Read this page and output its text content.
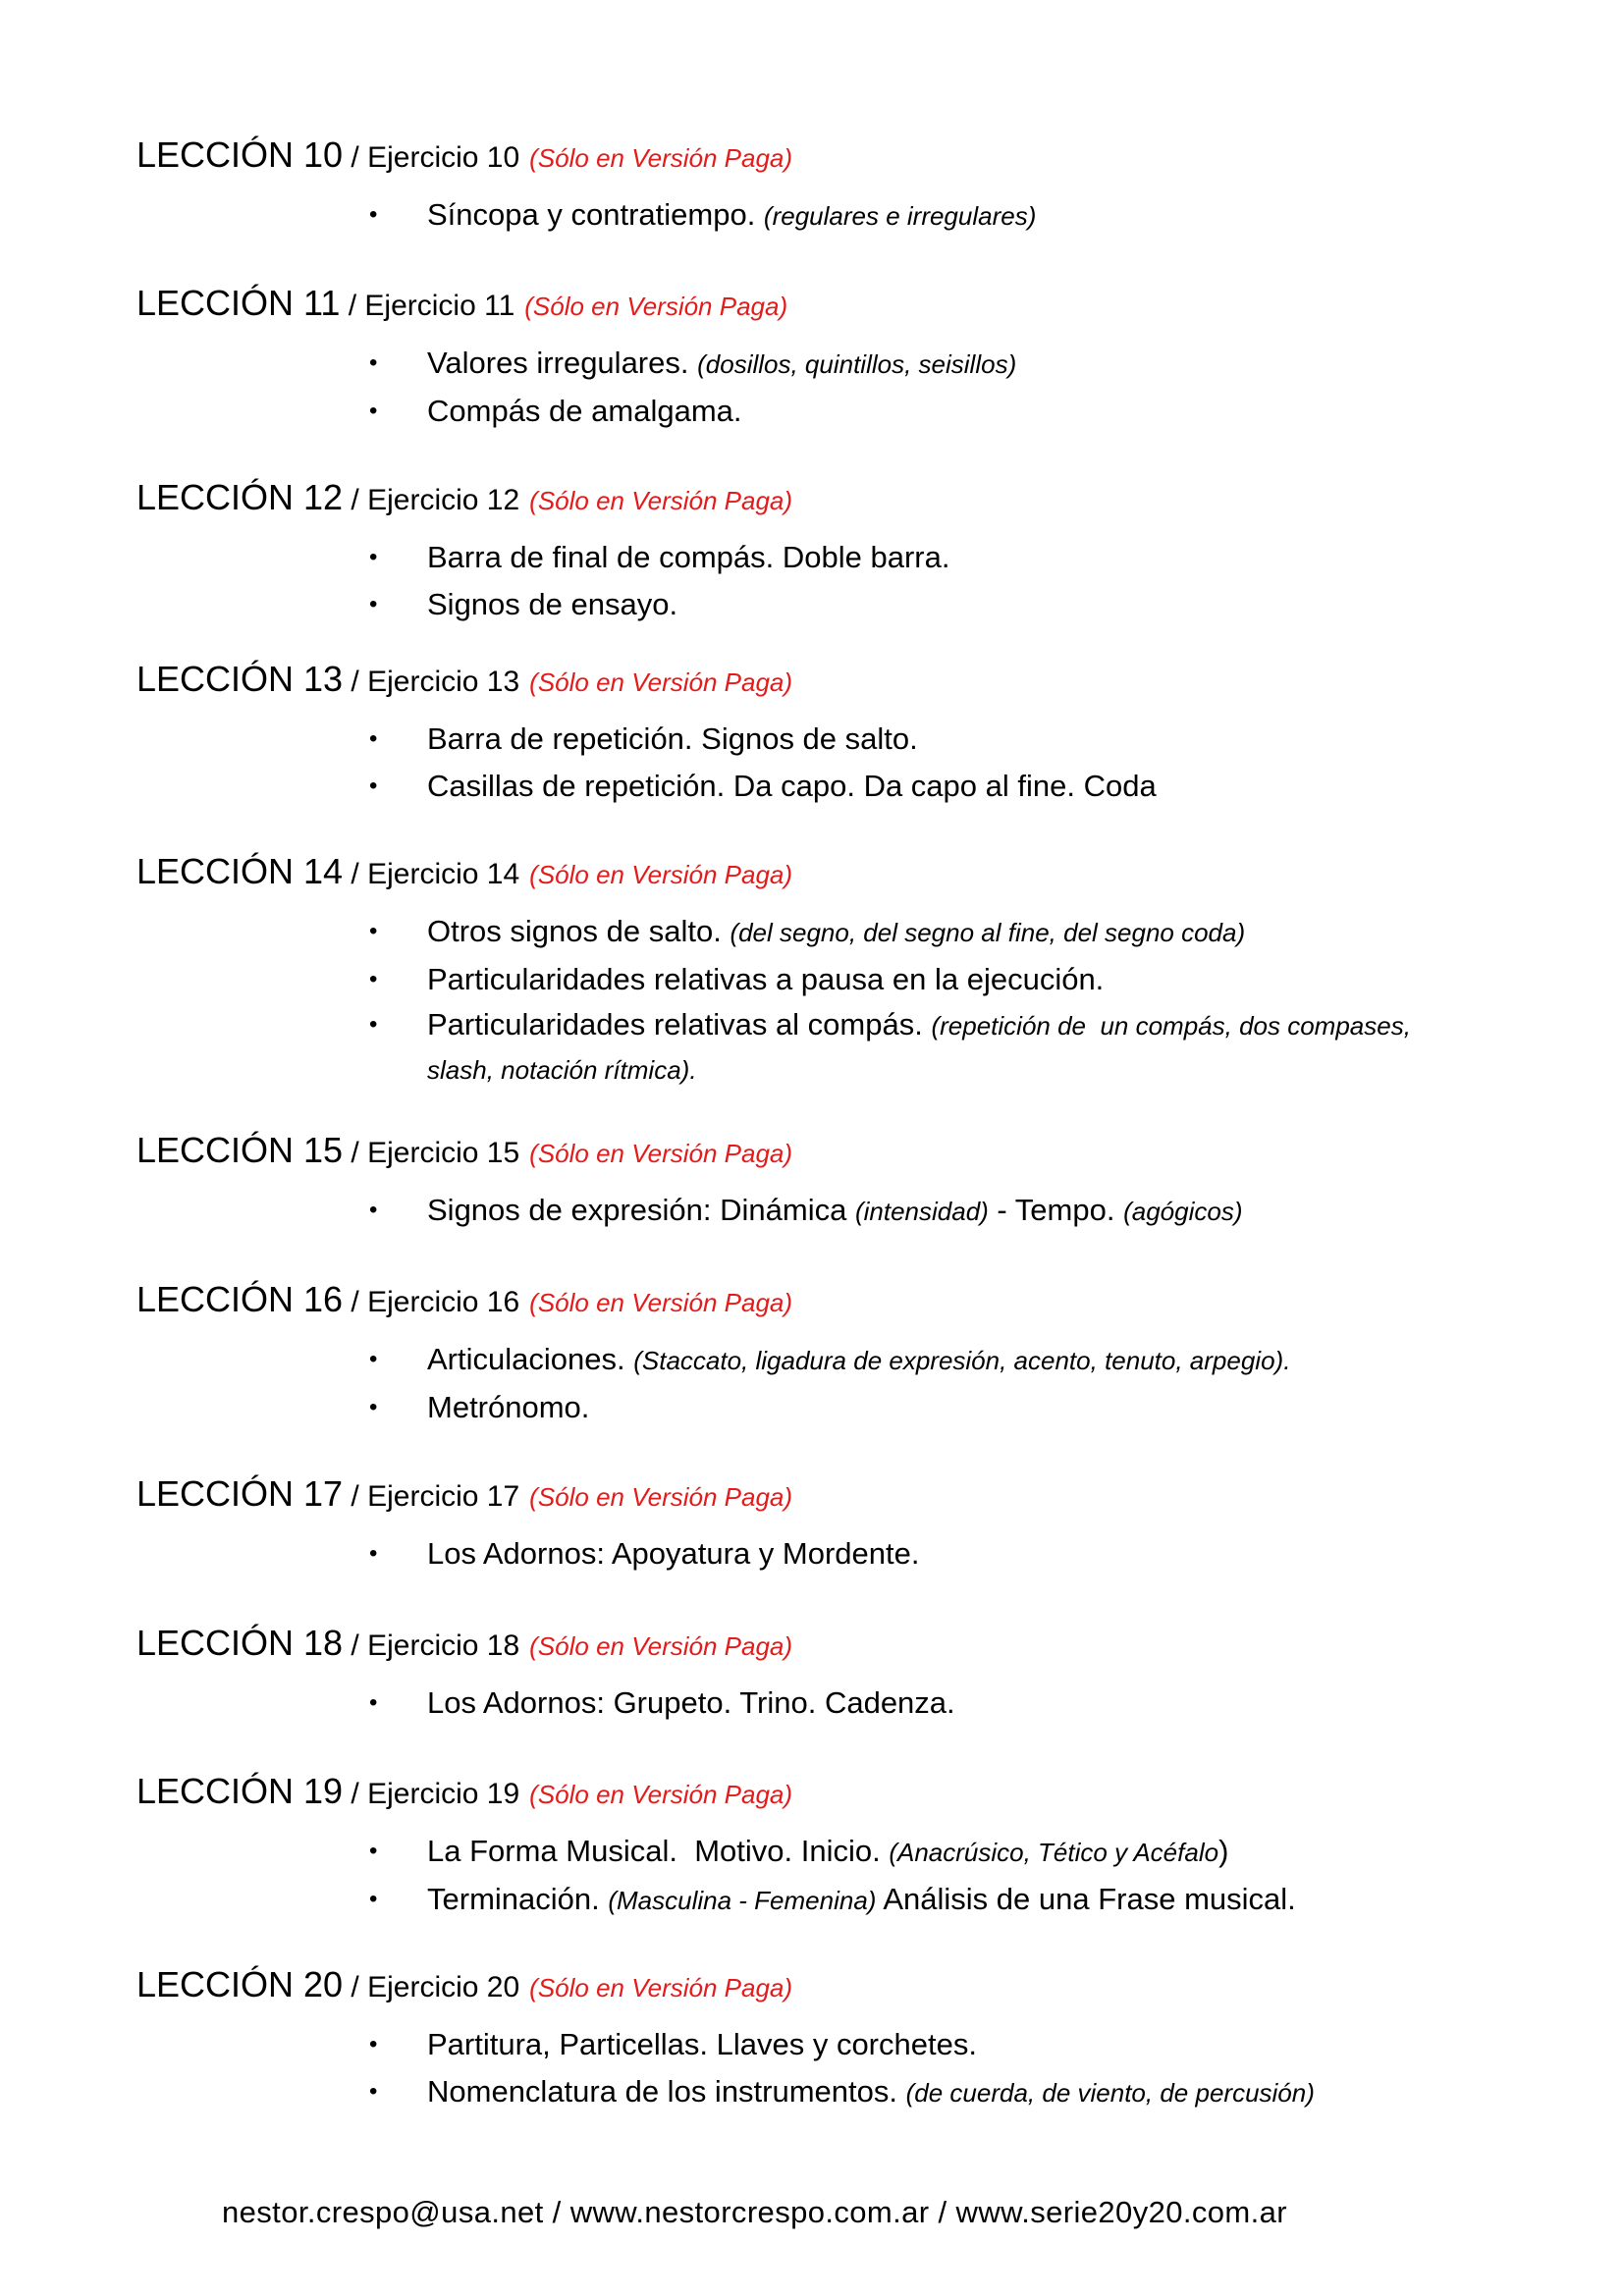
LECCIÓN 10 / Ejercicio 10 (Sólo en Versión Paga)
• Síncopa y contratiempo. (regulares e irregulares)
LECCIÓN 11 / Ejercicio 11 (Sólo en Versión Paga)
• Valores irregulares. (dosillos, quintillos, seisillos)
• Compás de amalgama.
LECCIÓN 12 / Ejercicio 12 (Sólo en Versión Paga)
• Barra de final de compás. Doble barra.
• Signos de ensayo.
LECCIÓN 13 / Ejercicio 13 (Sólo en Versión Paga)
• Barra de repetición. Signos de salto.
• Casillas de repetición. Da capo. Da capo al fine. Coda
LECCIÓN 14 / Ejercicio 14 (Sólo en Versión Paga)
• Otros signos de salto. (del segno, del segno al fine, del segno coda)
• Particularidades relativas a pausa en la ejecución.
• Particularidades relativas al compás. (repetición de  un compás, dos compases, slash, notación rítmica).
LECCIÓN 15 / Ejercicio 15 (Sólo en Versión Paga)
• Signos de expresión: Dinámica (intensidad) - Tempo. (agógicos)
LECCIÓN 16 / Ejercicio 16 (Sólo en Versión Paga)
• Articulaciones. (Staccato, ligadura de expresión, acento, tenuto, arpegio).
• Metrónomo.
LECCIÓN 17 / Ejercicio 17 (Sólo en Versión Paga)
• Los Adornos: Apoyatura y Mordente.
LECCIÓN 18 / Ejercicio 18 (Sólo en Versión Paga)
• Los Adornos: Grupeto. Trino. Cadenza.
LECCIÓN 19 / Ejercicio 19 (Sólo en Versión Paga)
• La Forma Musical.  Motivo. Inicio. (Anacrúsico, Tético y Acéfalo)
• Terminación. (Masculina - Femenina) Análisis de una Frase musical.
LECCIÓN 20 / Ejercicio 20 (Sólo en Versión Paga)
• Partitura, Particellas. Llaves y corchetes.
• Nomenclatura de los instrumentos. (de cuerda, de viento, de percusión)
nestor.crespo@usa.net / www.nestorcrespo.com.ar / www.serie20y20.com.ar
